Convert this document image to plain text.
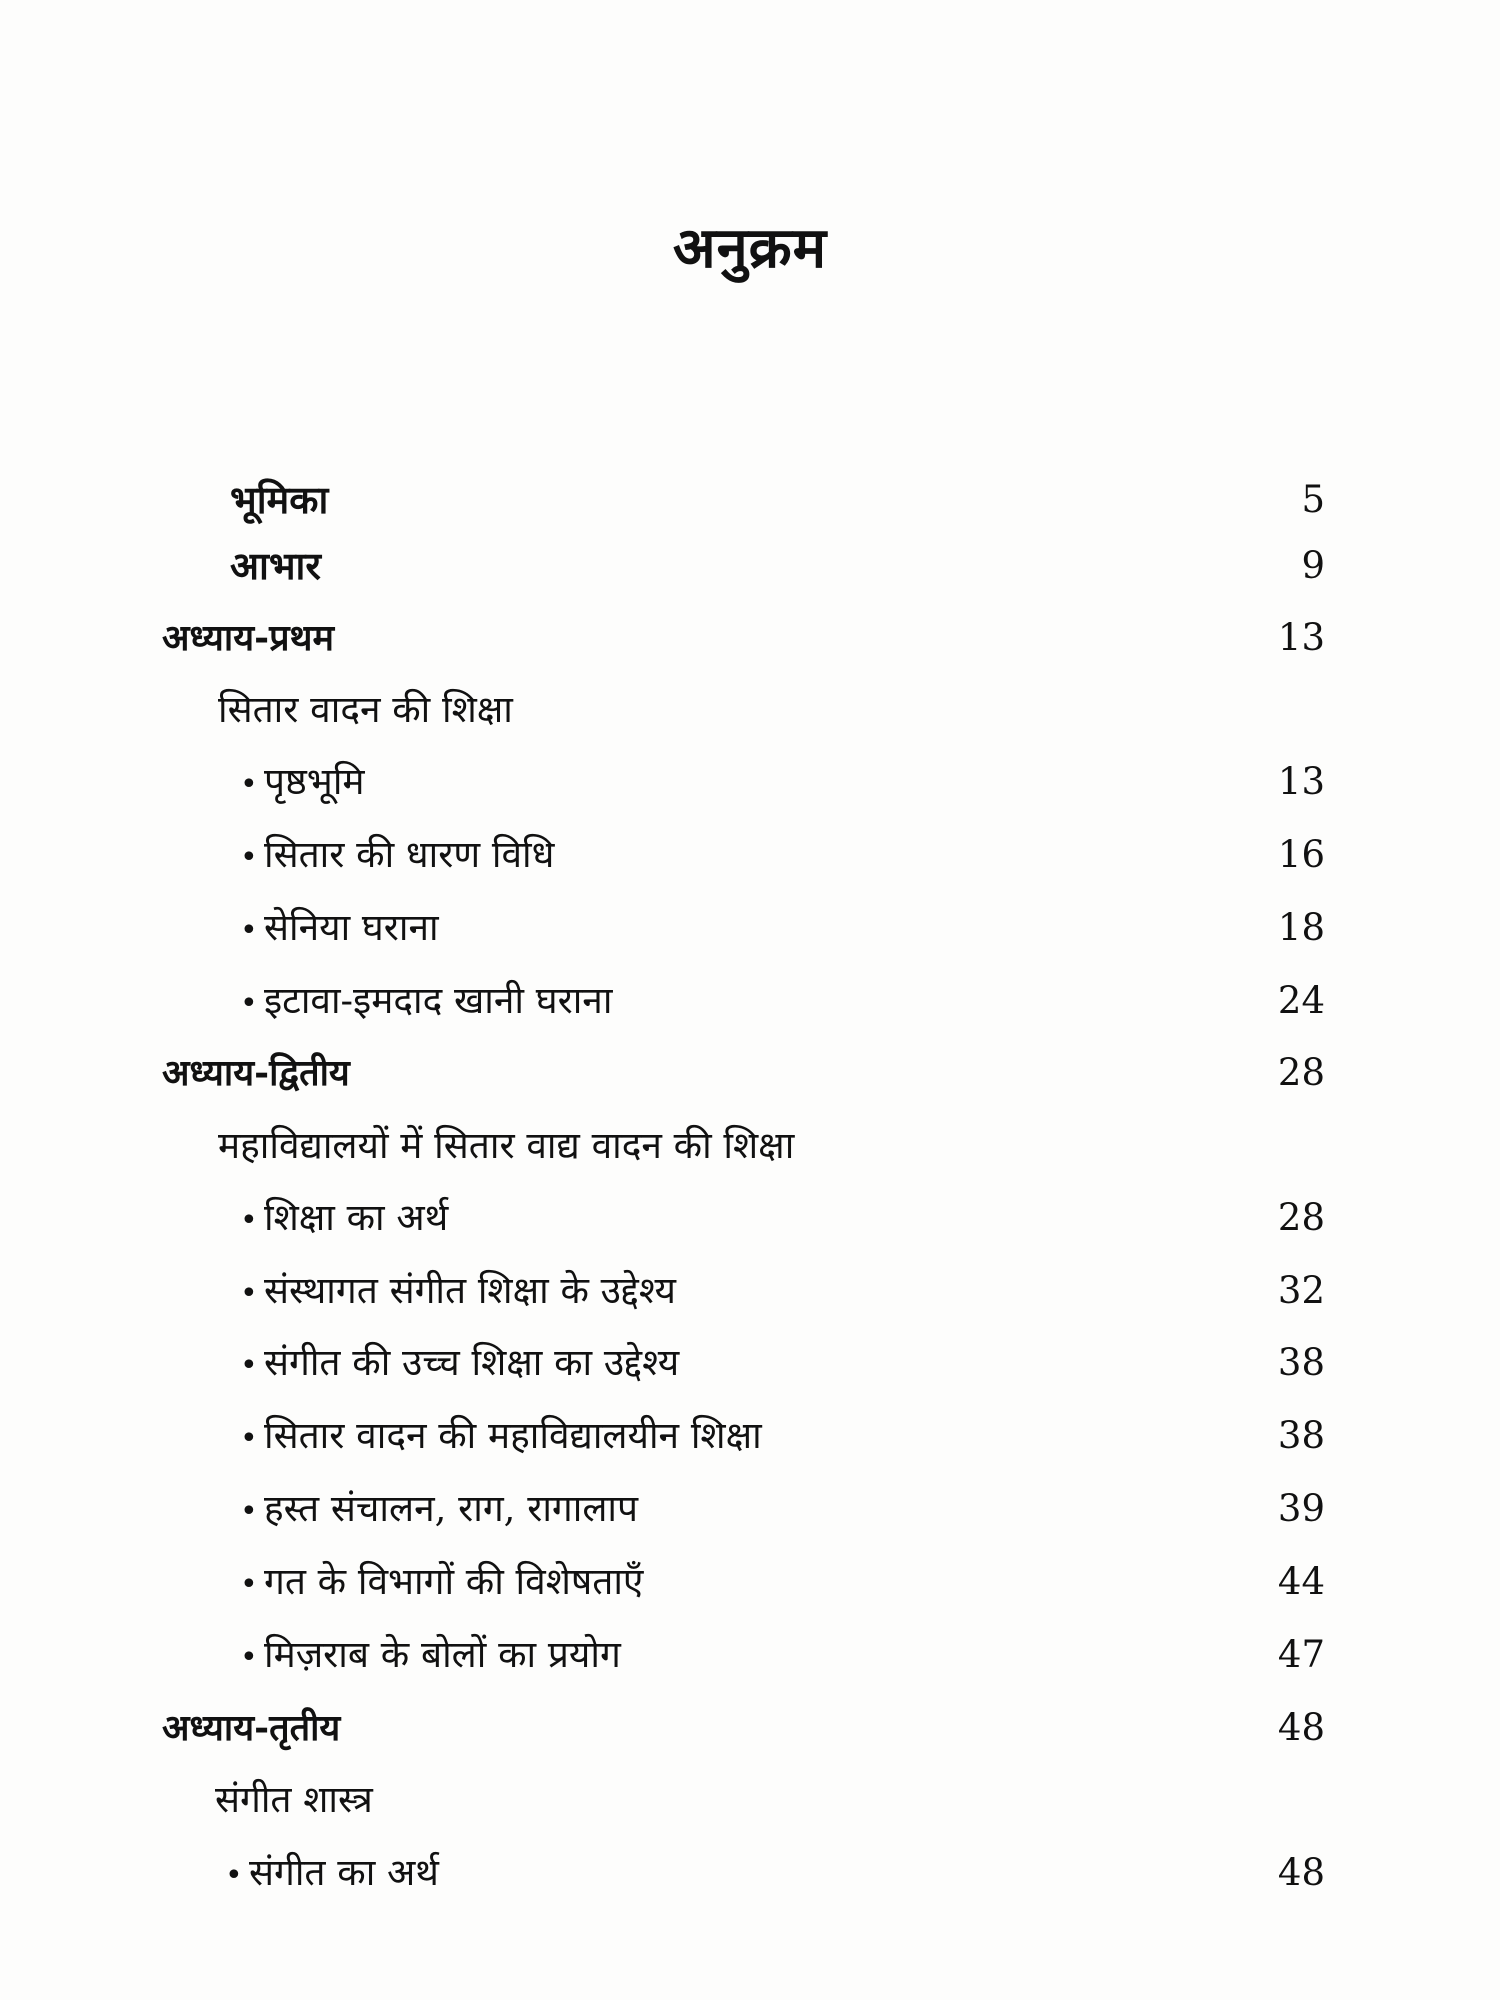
अनुक्रम
भूमिका	5
आभार	9
अध्याय-प्रथम	13
सितार वादन की शिक्षा
• पृष्ठभूमि	13
• सितार की धारण विधि	16
• सेनिया घराना	18
• इटावा-इमदाद खानी घराना	24
अध्याय-द्वितीय	28
महाविद्यालयों में सितार वाद्य वादन की शिक्षा
• शिक्षा का अर्थ	28
• संस्थागत संगीत शिक्षा के उद्देश्य	32
• संगीत की उच्च शिक्षा का उद्देश्य	38
• सितार वादन की महाविद्यालयीन शिक्षा	38
• हस्त संचालन, राग, रागालाप	39
• गत के विभागों की विशेषताएँ	44
• मिज़राब के बोलों का प्रयोग	47
अध्याय-तृतीय	48
संगीत शास्त्र
• संगीत का अर्थ	48
